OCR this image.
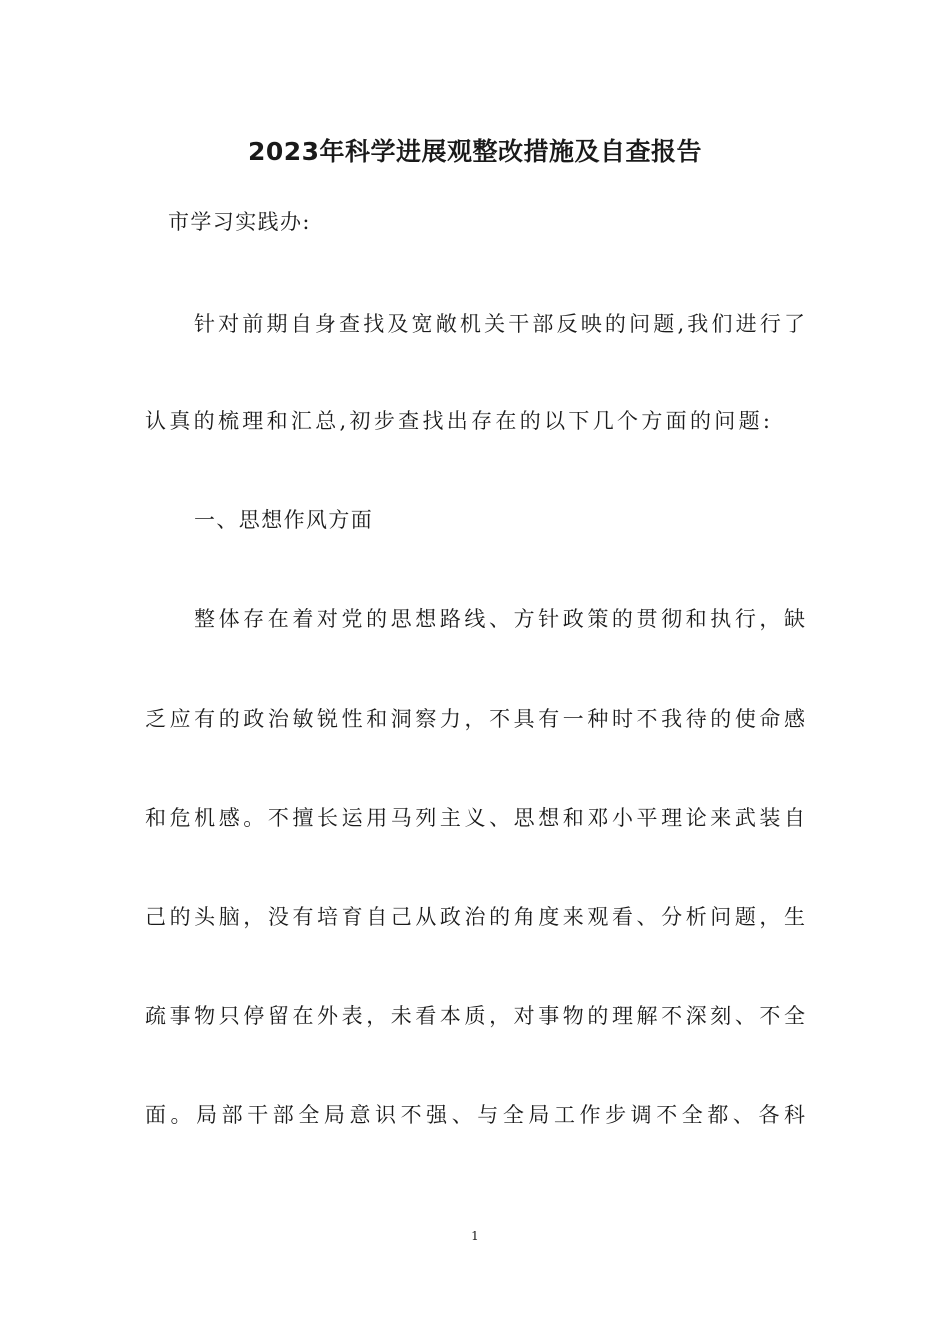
2023年科学进展观整改措施及自查报告
市学习实践办:
针对前期自身查找及宽敞机关干部反映的问题,我们进行了
认真的梳理和汇总,初步查找出存在的以下几个方面的问题:
一、思想作风方面
整体存在着对党的思想路线、方针政策的贯彻和执行，缺
乏应有的政治敏锐性和洞察力，不具有一种时不我待的使命感
和危机感。不擅长运用马列主义、思想和邓小平理论来武装自
己的头脑，没有培育自己从政治的角度来观看、分析问题，生
疏事物只停留在外表，未看本质，对事物的理解不深刻、不全
面。局部干部全局意识不强、与全局工作步调不全都、各科
1
